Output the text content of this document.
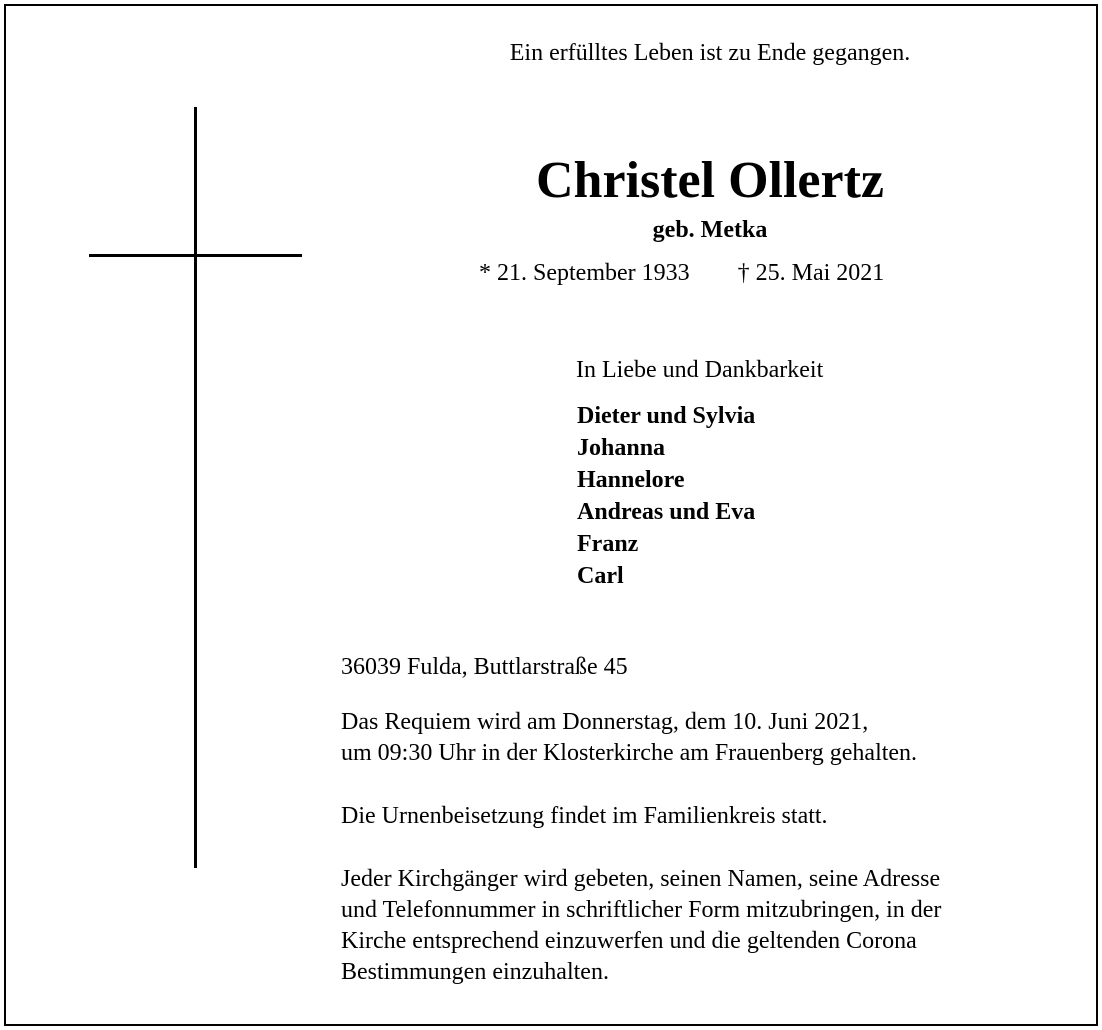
Ein erfülltes Leben ist zu Ende gegangen.
Christel Ollertz
geb. Metka
* 21. September 1933 † 25. Mai 2021
In Liebe und Dankbarkeit
Dieter und Sylvia
Johanna
Hannelore
Andreas und Eva
Franz
Carl
36039 Fulda, Buttlarstraße 45
Das Requiem wird am Donnerstag, dem 10. Juni 2021,
um 09:30 Uhr in der Klosterkirche am Frauenberg gehalten.
Die Urnenbeisetzung findet im Familienkreis statt.
Jeder Kirchgänger wird gebeten, seinen Namen, seine Adresse
und Telefonnummer in schriftlicher Form mitzubringen, in der
Kirche entsprechend einzuwerfen und die geltenden Corona
Bestimmungen einzuhalten.
